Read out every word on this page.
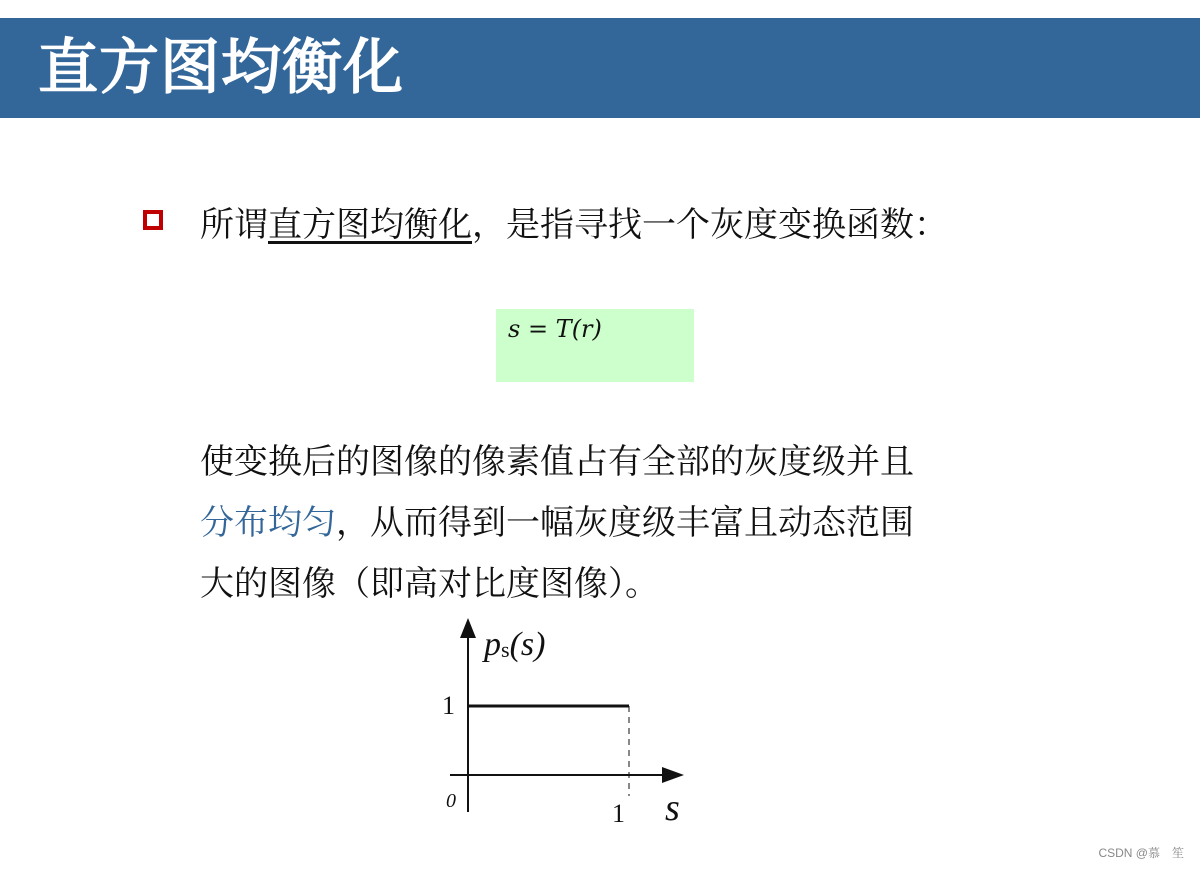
直方图均衡化
所谓直方图均衡化，是指寻找一个灰度变换函数：
s = T(r)
使变换后的图像的像素值占有全部的灰度级并且
分布均匀，从而得到一幅灰度级丰富且动态范围
大的图像（即高对比度图像）。
ps(s)
1
0	1 s
CSDN @慕　笙
